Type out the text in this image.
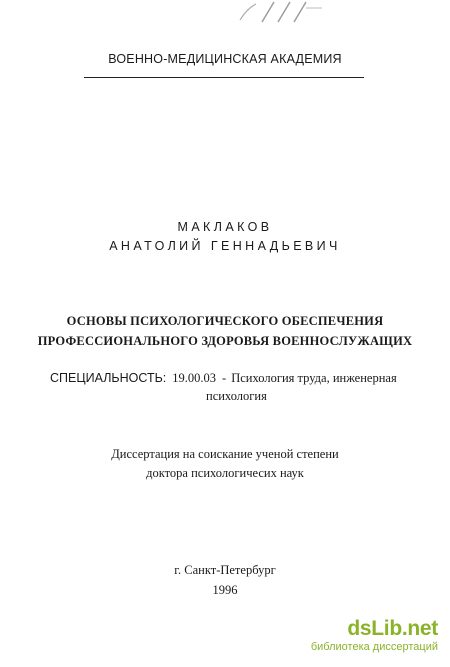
ВОЕННО-МЕДИЦИНСКАЯ АКАДЕМИЯ
МАКЛАКОВ
АНАТОЛИЙ ГЕННАДЬЕВИЧ
ОСНОВЫ ПСИХОЛОГИЧЕСКОГО ОБЕСПЕЧЕНИЯ
ПРОФЕССИОНАЛЬНОГО ЗДОРОВЬЯ ВОЕННОСЛУЖАЩИХ
СПЕЦИАЛЬНОСТЬ: 19.00.03 - Психология труда, инженерная
психология
Диссертация на соискание ученой степени
доктора психологичесих наук
г. Санкт-Петербург
1996
dsLib.net
библиотека диссертаций
